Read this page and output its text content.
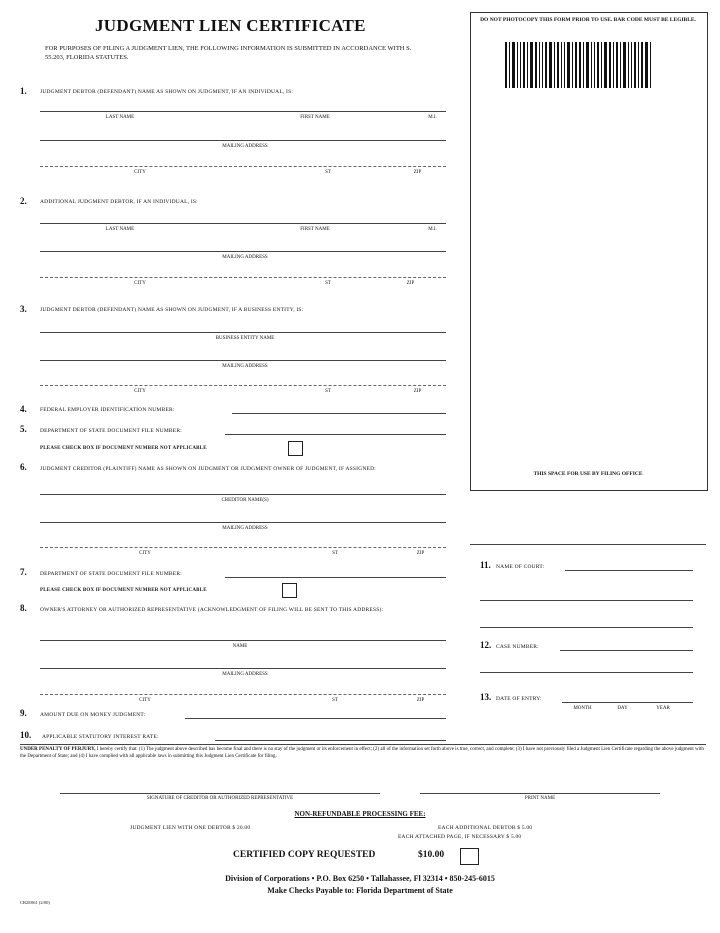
JUDGMENT LIEN CERTIFICATE
FOR PURPOSES OF FILING A JUDGMENT LIEN, THE FOLLOWING INFORMATION IS SUBMITTED IN ACCORDANCE WITH S. 55.203, FLORIDA STATUTES.
DO NOT PHOTOCOPY THIS FORM PRIOR TO USE. BAR CODE MUST BE LEGIBLE.
THIS SPACE FOR USE BY FILING OFFICE
1. JUDGMENT DEBTOR (DEFENDANT) NAME AS SHOWN ON JUDGMENT, IF AN INDIVIDUAL, IS:
LAST NAME	FIRST NAME	M.I.
MAILING ADDRESS
CITY	ST	ZIP
2. ADDITIONAL JUDGMENT DEBTOR, IF AN INDIVIDUAL, IS:
LAST NAME	FIRST NAME	M.I.
MAILING ADDRESS
CITY	ST	ZIP
3. JUDGMENT DEBTOR (DEFENDANT) NAME AS SHOWN ON JUDGMENT, IF A BUSINESS ENTITY, IS:
BUSINESS ENTITY NAME
MAILING ADDRESS
CITY	ST	ZIP
4. FEDERAL EMPLOYER IDENTIFICATION NUMBER:
5. DEPARTMENT OF STATE DOCUMENT FILE NUMBER:
PLEASE CHECK BOX IF DOCUMENT NUMBER NOT APPLICABLE
6. JUDGMENT CREDITOR (PLAINTIFF) NAME AS SHOWN ON JUDGMENT OR JUDGMENT OWNER OF JUDGMENT, IF ASSIGNED:
CREDITOR NAME(S)
MAILING ADDRESS
CITY	ST	ZIP
7. DEPARTMENT OF STATE DOCUMENT FILE NUMBER:
PLEASE CHECK BOX IF DOCUMENT NUMBER NOT APPLICABLE
8. OWNER'S ATTORNEY OR AUTHORIZED REPRESENTATIVE (ACKNOWLEDGMENT OF FILING WILL BE SENT TO THIS ADDRESS):
NAME
MAILING ADDRESS
CITY	ST	ZIP
9. AMOUNT DUE ON MONEY JUDGMENT:
10. APPLICABLE STATUTORY INTEREST RATE:
11. NAME OF COURT:
12. CASE NUMBER:
13. DATE OF ENTRY:
MONTH	DAY	YEAR
UNDER PENALTY OF PERJURY, I hereby certify that: (1) The judgment above described has become final and there is no stay of the judgment or its enforcement in effect; (2) all of the information set forth above is true, correct, and complete; (3) I have not previously filed a Judgment Lien Certificate regarding the above judgment with the Department of State; and (4) I have complied with all applicable laws in submitting this Judgment Lien Certificate for filing.
SIGNATURE OF CREDITOR OR AUTHORIZED REPRESENTATIVE	PRINT NAME
NON-REFUNDABLE PROCESSING FEE:
JUDGMENT LIEN WITH ONE DEBTOR $ 20.00	EACH ADDITIONAL DEBTOR $ 5.00
EACH ATTACHED PAGE, IF NECESSARY $ 5.00
CERTIFIED COPY REQUESTED	$10.00
Division of Corporations • P.O. Box 6250 • Tallahassee, Fl 32314 • 850-245-6015
Make Checks Payable to: Florida Department of State
CR2E061 (2/00)
